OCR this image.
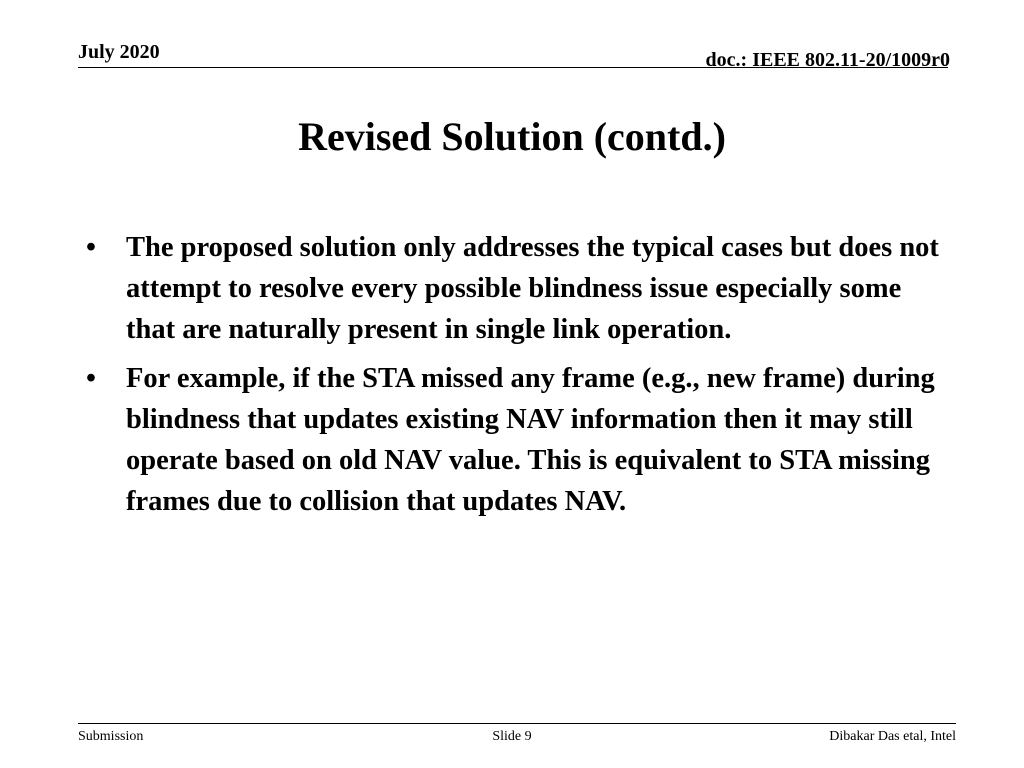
July 2020	doc.: IEEE 802.11-20/1009r0
Revised Solution (contd.)
•	The proposed solution only addresses the typical cases but does not attempt to resolve every possible blindness issue especially some that are naturally present in single link operation.
•	For example, if the STA missed any frame (e.g., new frame) during blindness that updates existing NAV information then it may still operate based on old NAV value. This is equivalent to STA missing frames due to collision that updates NAV.
Submission	Slide 9	Dibakar Das etal, Intel
